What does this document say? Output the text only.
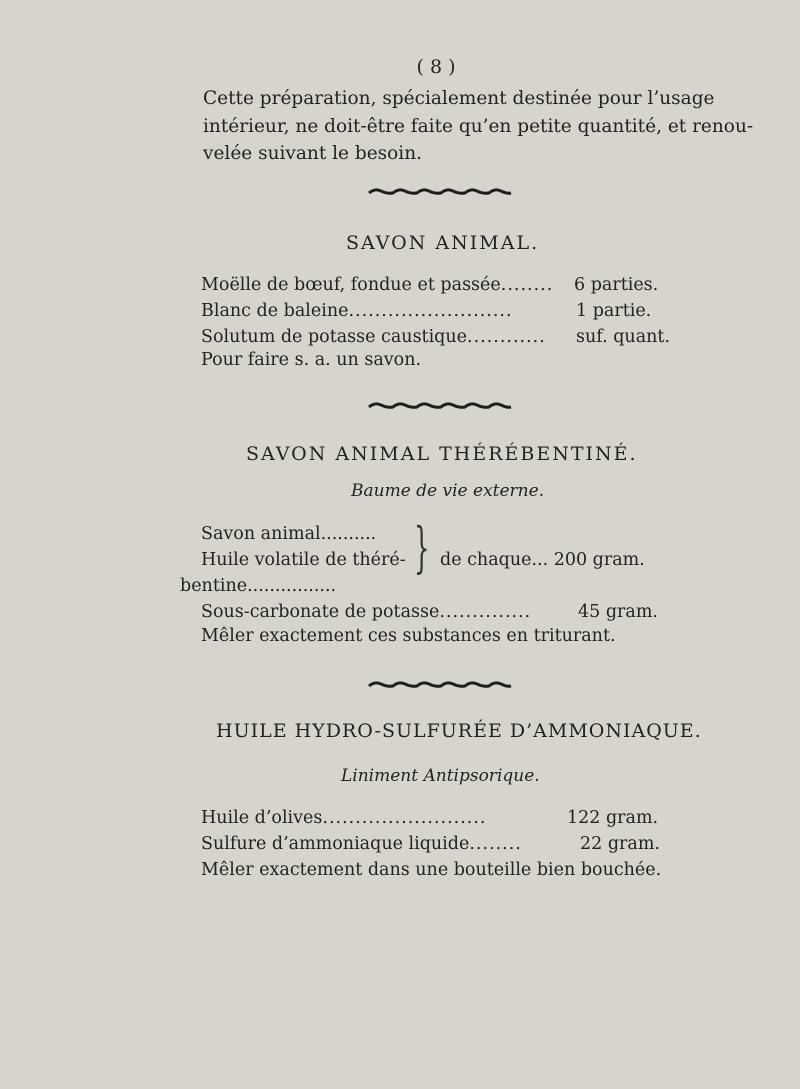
( 8 )
Cette préparation, spécialement destinée pour l’usage
intérieur, ne doit-être faite qu’en petite quantité, et renou-
velée suivant le besoin.
SAVON ANIMAL.
Moëlle de bœuf, fondue et passée........ 6 parties.
Blanc de baleine.........................	1 partie.
Solutum de potasse caustique............ suf. quant.
Pour faire s. a. un savon.
SAVON ANIMAL THÉRÉBENTINÉ.
Baume de vie externe.
Savon animal..........
Huile volatile de théré-
bentine................
} de chaque... 200 gram.
Sous-carbonate de potasse..............	45 gram.
Mêler exactement ces substances en triturant.
HUILE HYDRO-SULFURÉE D’AMMONIAQUE.
Liniment Antipsorique.
Huile d’olives.........................	122 gram.
Sulfure d’ammoniaque liquide........	22 gram.
Mêler exactement dans une bouteille bien bouchée.
